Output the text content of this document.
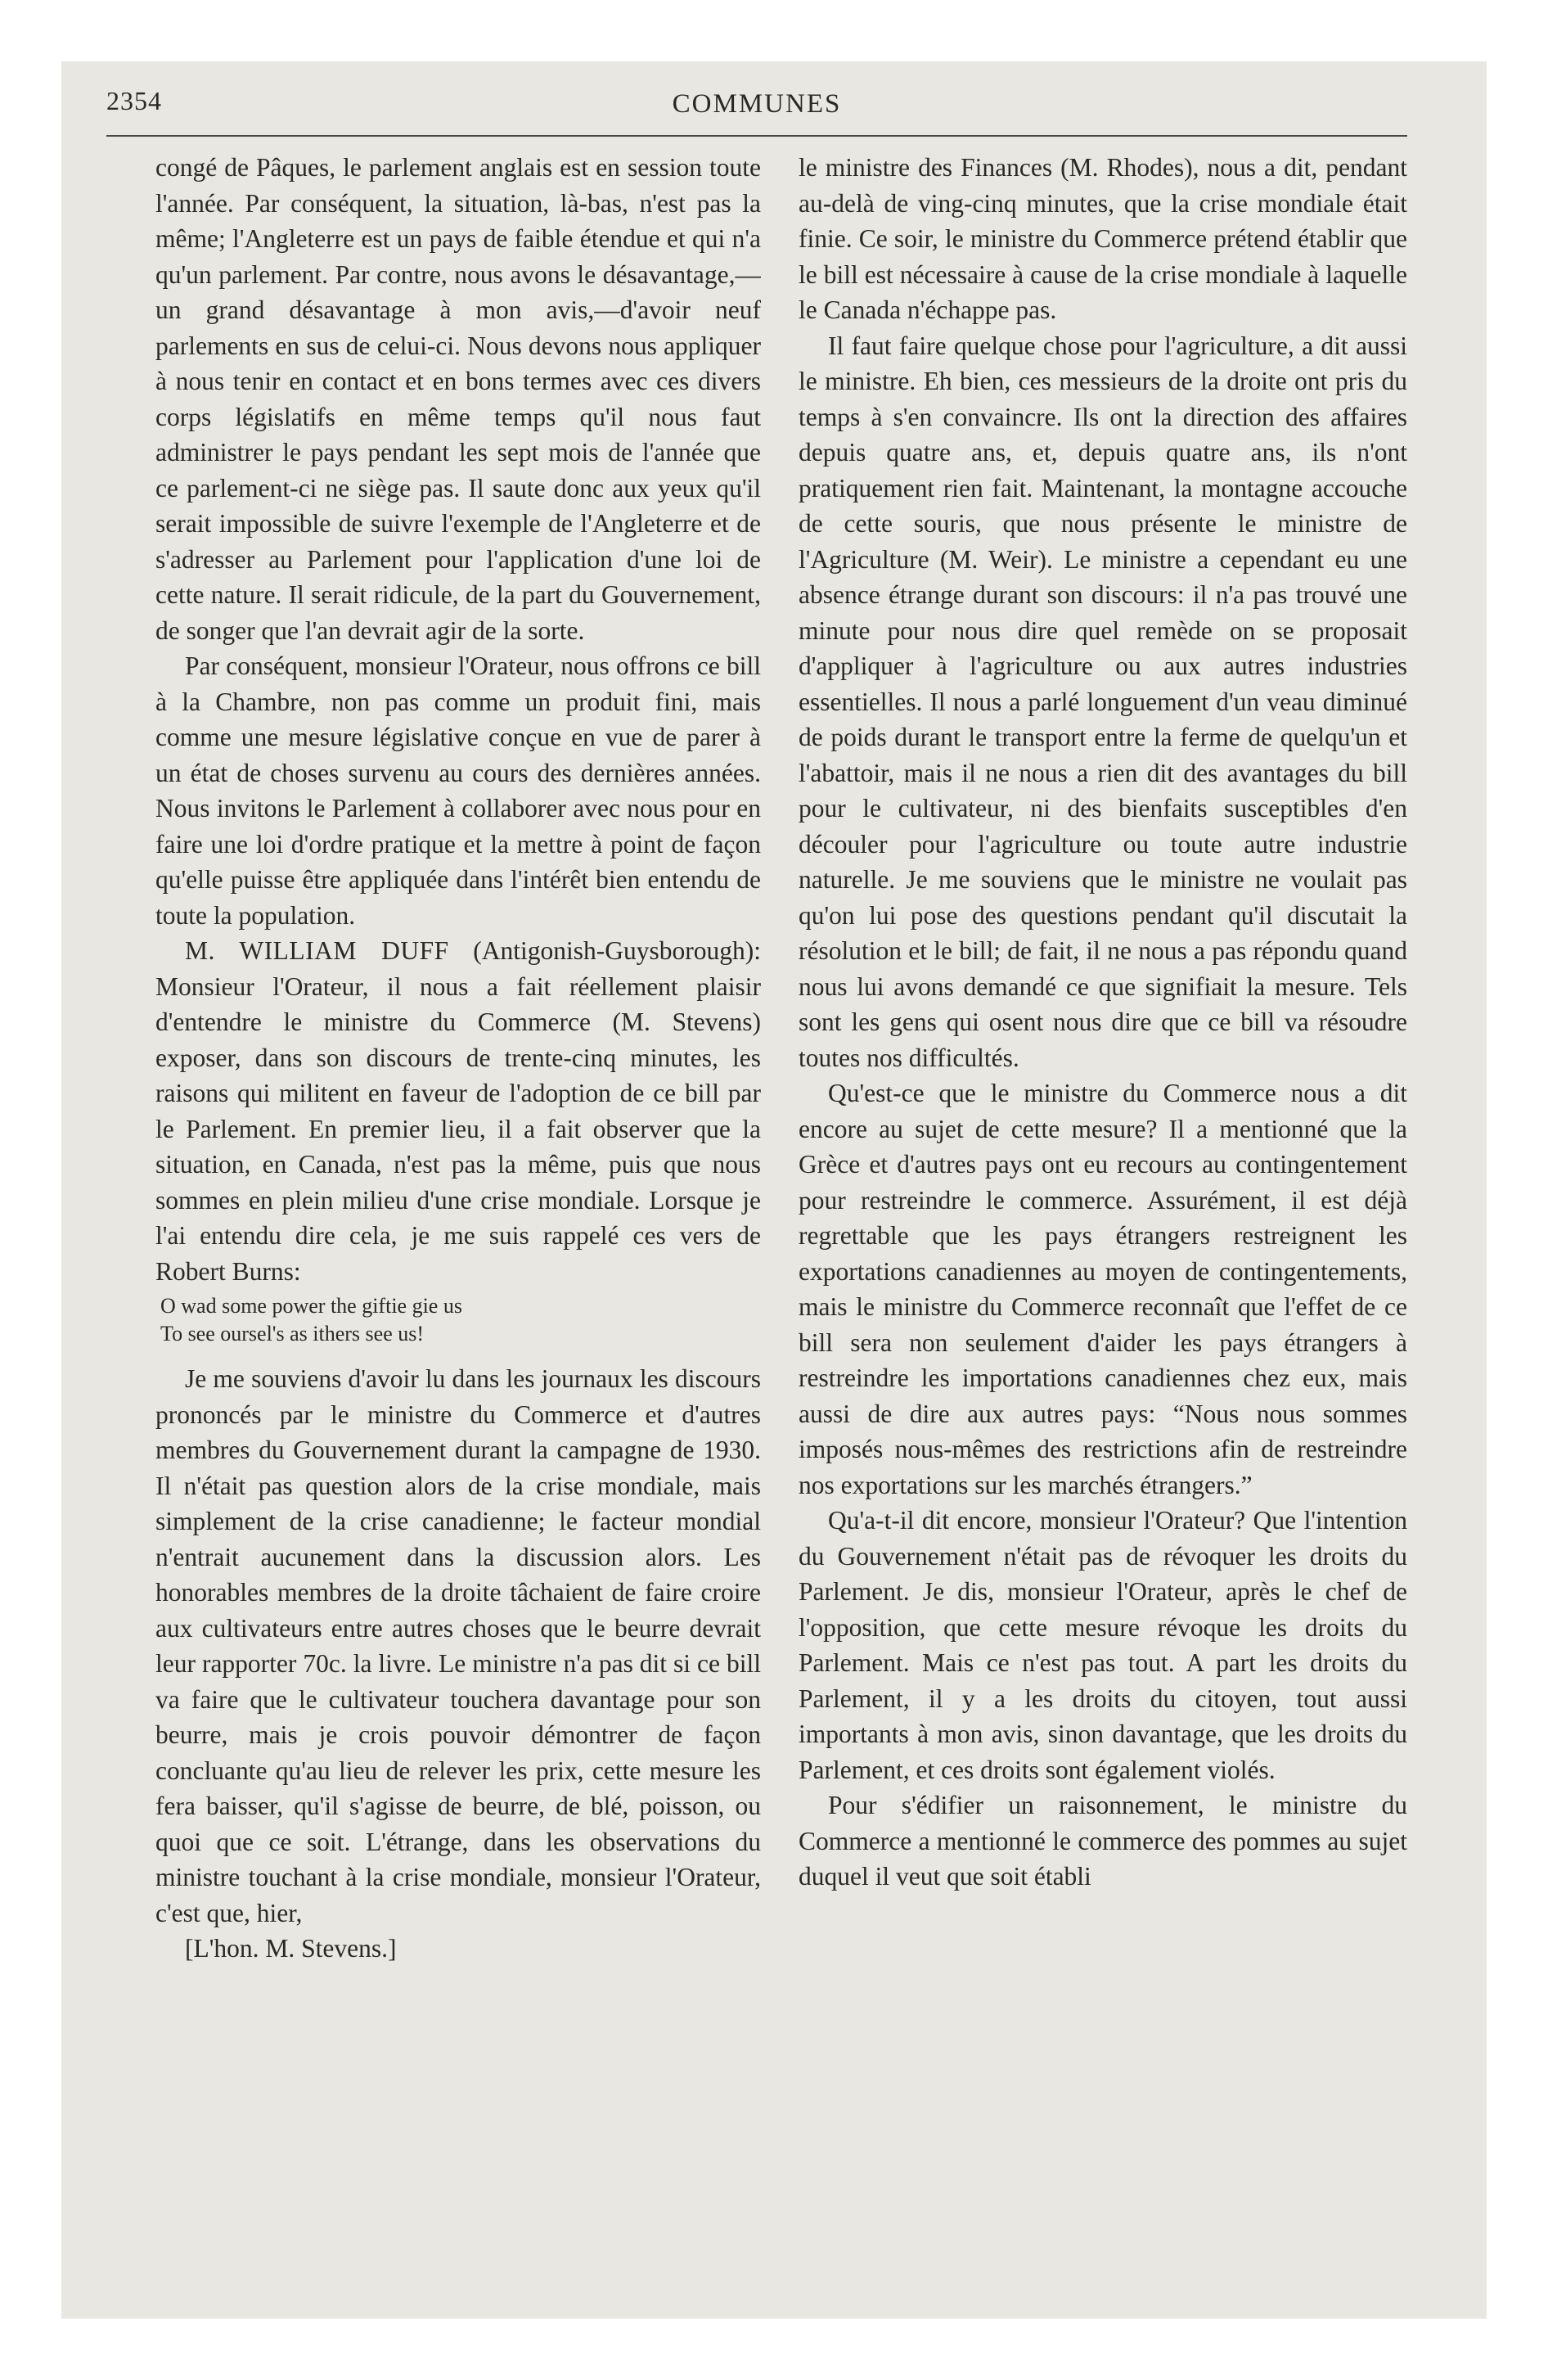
2354	COMMUNES

congé de Pâques, le parlement anglais est en session toute l'année. Par conséquent, la situation, là-bas, n'est pas la même; l'Angleterre est un pays de faible étendue et qui n'a qu'un parlement. Par contre, nous avons le désavantage,—un grand désavantage à mon avis,—d'avoir neuf parlements en sus de celui-ci. Nous devons nous appliquer à nous tenir en contact et en bons termes avec ces divers corps législatifs en même temps qu'il nous faut administrer le pays pendant les sept mois de l'année que ce parlement-ci ne siège pas. Il saute donc aux yeux qu'il serait impossible de suivre l'exemple de l'Angleterre et de s'adresser au Parlement pour l'application d'une loi de cette nature. Il serait ridicule, de la part du Gouvernement, de songer que l'an devrait agir de la sorte.

Par conséquent, monsieur l'Orateur, nous offrons ce bill à la Chambre, non pas comme un produit fini, mais comme une mesure législative conçue en vue de parer à un état de choses survenu au cours des dernières années. Nous invitons le Parlement à collaborer avec nous pour en faire une loi d'ordre pratique et la mettre à point de façon qu'elle puisse être appliquée dans l'intérêt bien entendu de toute la population.

M. WILLIAM DUFF (Antigonish-Guysborough): Monsieur l'Orateur, il nous a fait réellement plaisir d'entendre le ministre du Commerce (M. Stevens) exposer, dans son discours de trente-cinq minutes, les raisons qui militent en faveur de l'adoption de ce bill par le Parlement. En premier lieu, il a fait observer que la situation, en Canada, n'est pas la même, puis que nous sommes en plein milieu d'une crise mondiale. Lorsque je l'ai entendu dire cela, je me suis rappelé ces vers de Robert Burns:

O wad some power the giftie gie us
To see oursel's as ithers see us!

Je me souviens d'avoir lu dans les journaux les discours prononcés par le ministre du Commerce et d'autres membres du Gouvernement durant la campagne de 1930. Il n'était pas question alors de la crise mondiale, mais simplement de la crise canadienne; le facteur mondial n'entrait aucunement dans la discussion alors. Les honorables membres de la droite tâchaient de faire croire aux cultivateurs entre autres choses que le beurre devrait leur rapporter 70c. la livre. Le ministre n'a pas dit si ce bill va faire que le cultivateur touchera davantage pour son beurre, mais je crois pouvoir démontrer de façon concluante qu'au lieu de relever les prix, cette mesure les fera baisser, qu'il s'agisse de beurre, de blé, poisson, ou quoi que ce soit. L'étrange, dans les observations du ministre touchant à la crise mondiale, monsieur l'Orateur, c'est que, hier,

[L'hon. M. Stevens.]

le ministre des Finances (M. Rhodes), nous a dit, pendant au-delà de ving-cinq minutes, que la crise mondiale était finie. Ce soir, le ministre du Commerce prétend établir que le bill est nécessaire à cause de la crise mondiale à laquelle le Canada n'échappe pas.

Il faut faire quelque chose pour l'agriculture, a dit aussi le ministre. Eh bien, ces messieurs de la droite ont pris du temps à s'en convaincre. Ils ont la direction des affaires depuis quatre ans, et, depuis quatre ans, ils n'ont pratiquement rien fait. Maintenant, la montagne accouche de cette souris, que nous présente le ministre de l'Agriculture (M. Weir). Le ministre a cependant eu une absence étrange durant son discours: il n'a pas trouvé une minute pour nous dire quel remède on se proposait d'appliquer à l'agriculture ou aux autres industries essentielles. Il nous a parlé longuement d'un veau diminué de poids durant le transport entre la ferme de quelqu'un et l'abattoir, mais il ne nous a rien dit des avantages du bill pour le cultivateur, ni des bienfaits susceptibles d'en découler pour l'agriculture ou toute autre industrie naturelle. Je me souviens que le ministre ne voulait pas qu'on lui pose des questions pendant qu'il discutait la résolution et le bill; de fait, il ne nous a pas répondu quand nous lui avons demandé ce que signifiait la mesure. Tels sont les gens qui osent nous dire que ce bill va résoudre toutes nos difficultés.

Qu'est-ce que le ministre du Commerce nous a dit encore au sujet de cette mesure? Il a mentionné que la Grèce et d'autres pays ont eu recours au contingentement pour restreindre le commerce. Assurément, il est déjà regrettable que les pays étrangers restreignent les exportations canadiennes au moyen de contingentements, mais le ministre du Commerce reconnaît que l'effet de ce bill sera non seulement d'aider les pays étrangers à restreindre les importations canadiennes chez eux, mais aussi de dire aux autres pays: “Nous nous sommes imposés nous-mêmes des restrictions afin de restreindre nos exportations sur les marchés étrangers.”

Qu'a-t-il dit encore, monsieur l'Orateur? Que l'intention du Gouvernement n'était pas de révoquer les droits du Parlement. Je dis, monsieur l'Orateur, après le chef de l'opposition, que cette mesure révoque les droits du Parlement. Mais ce n'est pas tout. A part les droits du Parlement, il y a les droits du citoyen, tout aussi importants à mon avis, sinon davantage, que les droits du Parlement, et ces droits sont également violés.

Pour s'édifier un raisonnement, le ministre du Commerce a mentionné le commerce des pommes au sujet duquel il veut que soit établi
